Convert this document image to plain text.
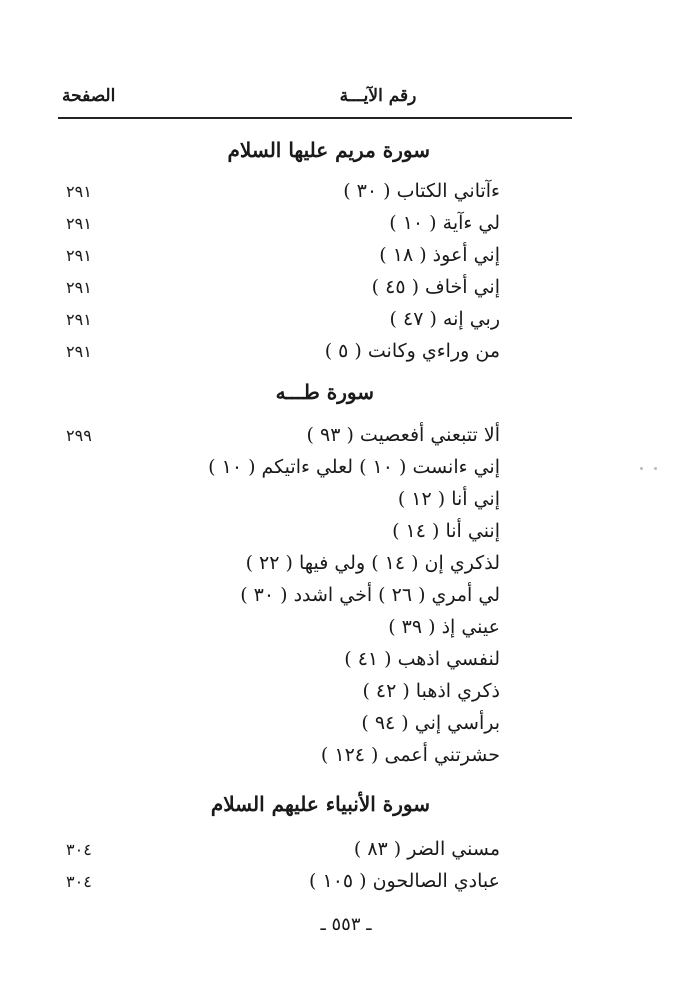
رقم الآيـــة
الصفحة
سورة مريم عليها السلام
ءآتاني الكتاب ( ٣٠ )
٢٩١
لي ءآية ( ١٠ )
٢٩١
إني أعوذ ( ١٨ )
٢٩١
إني أخاف ( ٤٥ )
٢٩١
ربي إنه ( ٤٧ )
٢٩١
من وراءي وكانت ( ٥ )
٢٩١
سورة طـــه
ألا تتبعني أفعصيت ( ٩٣ )
٢٩٩
إني ءانست ( ١٠ ) لعلي ءاتيكم ( ١٠ )
إني أنا ( ١٢ )
إنني أنا ( ١٤ )
لذكري إن ( ١٤ ) ولي فيها ( ٢٢ )
لي أمري ( ٢٦ ) أخي اشدد ( ٣٠ )
عيني إذ ( ٣٩ )
لنفسي اذهب ( ٤١ )
ذكري اذهبا ( ٤٢ )
برأسي إني ( ٩٤ )
حشرتني أعمى ( ١٢٤ )
سورة الأنبياء عليهم السلام
مسني الضر ( ٨٣ )
٣٠٤
عبادي الصالحون ( ١٠٥ )
٣٠٤
ـ ٥٥٣ ـ
